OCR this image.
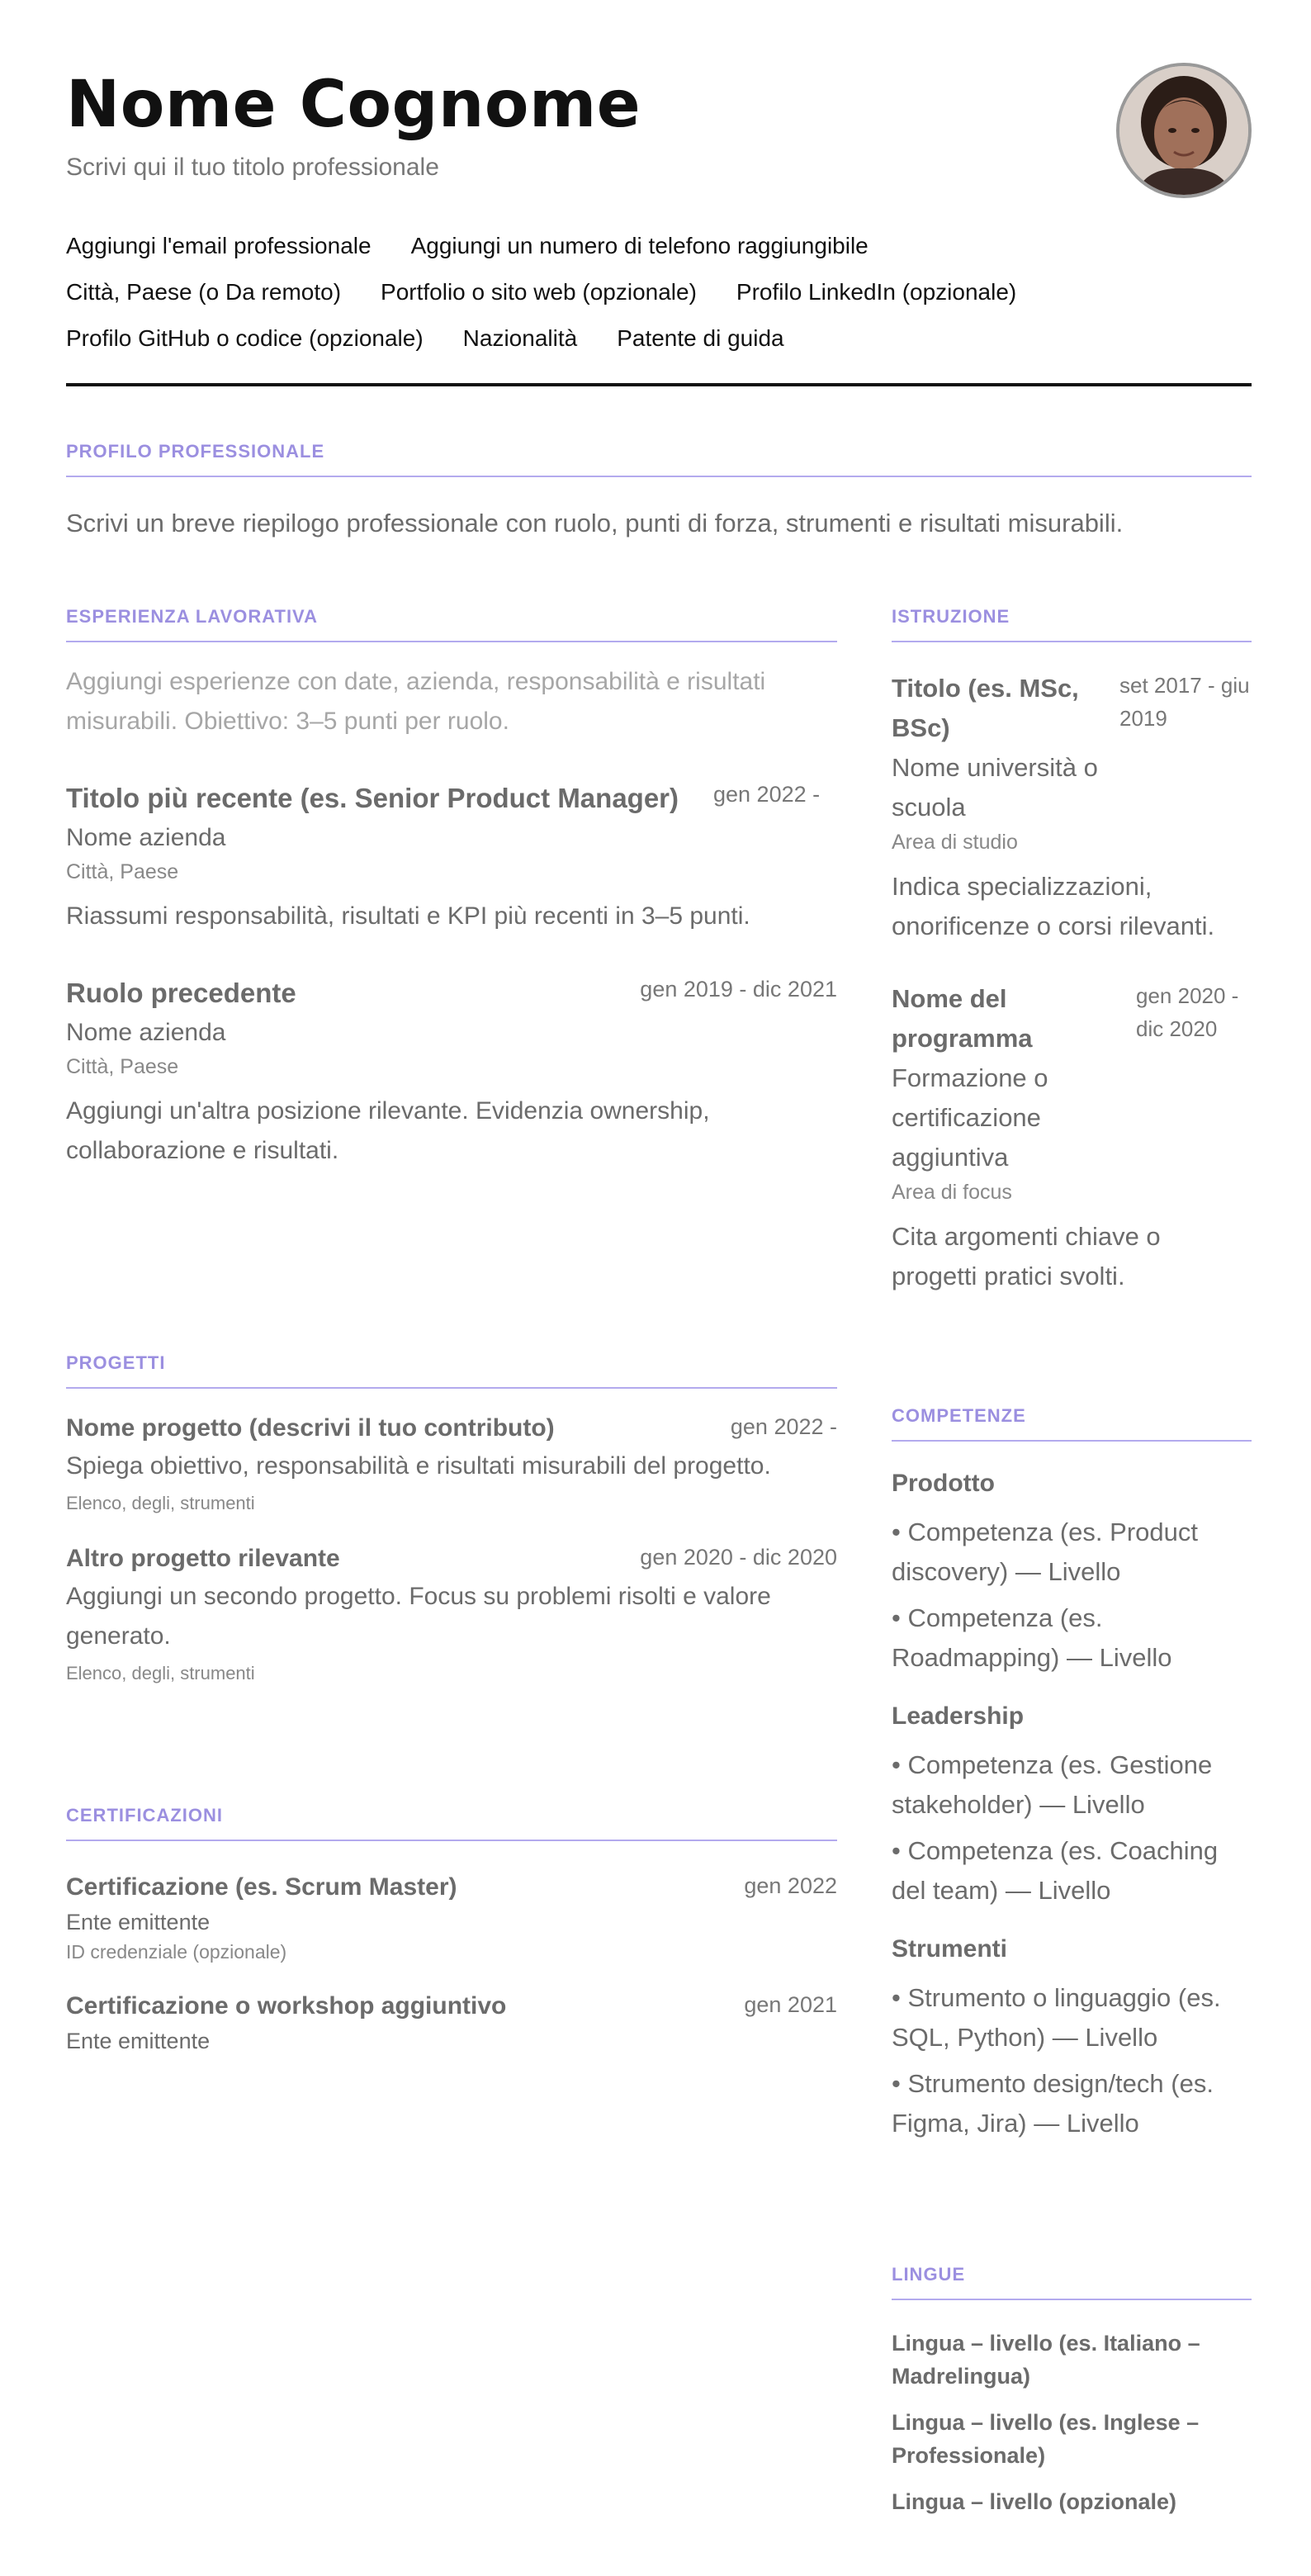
Nome Cognome
Scrivi qui il tuo titolo professionale
Aggiungi l'email professionale Aggiungi un numero di telefono raggiungibile
Città, Paese (o Da remoto) Portfolio o sito web (opzionale) Profilo LinkedIn (opzionale)
Profilo GitHub o codice (opzionale) Nazionalità Patente di guida
PROFILO PROFESSIONALE
Scrivi un breve riepilogo professionale con ruolo, punti di forza, strumenti e risultati misurabili.
ESPERIENZA LAVORATIVA
Aggiungi esperienze con date, azienda, responsabilità e risultati misurabili. Obiettivo: 3–5 punti per ruolo.
Titolo più recente (es. Senior Product Manager)	gen 2022 -
Nome azienda
Città, Paese
Riassumi responsabilità, risultati e KPI più recenti in 3–5 punti.
Ruolo precedente	gen 2019 - dic 2021
Nome azienda
Città, Paese
Aggiungi un'altra posizione rilevante. Evidenzia ownership, collaborazione e risultati.
PROGETTI
Nome progetto (descrivi il tuo contributo)	gen 2022 -
Spiega obiettivo, responsabilità e risultati misurabili del progetto.
Elenco, degli, strumenti
Altro progetto rilevante	gen 2020 - dic 2020
Aggiungi un secondo progetto. Focus su problemi risolti e valore generato.
Elenco, degli, strumenti
CERTIFICAZIONI
Certificazione (es. Scrum Master)	gen 2022
Ente emittente
ID credenziale (opzionale)
Certificazione o workshop aggiuntivo	gen 2021
Ente emittente
ISTRUZIONE
Titolo (es. MSc, BSc)
set 2017 - giu 2019
Nome università o scuola
Area di studio
Indica specializzazioni, onorificenze o corsi rilevanti.
Nome del programma
gen 2020 - dic 2020
Formazione o certificazione aggiuntiva
Area di focus
Cita argomenti chiave o progetti pratici svolti.
COMPETENZE
Prodotto
• Competenza (es. Product discovery) — Livello
• Competenza (es. Roadmapping) — Livello
Leadership
• Competenza (es. Gestione stakeholder) — Livello
• Competenza (es. Coaching del team) — Livello
Strumenti
• Strumento o linguaggio (es. SQL, Python) — Livello
• Strumento design/tech (es. Figma, Jira) — Livello
LINGUE
Lingua – livello (es. Italiano – Madrelingua)
Lingua – livello (es. Inglese – Professionale)
Lingua – livello (opzionale)
